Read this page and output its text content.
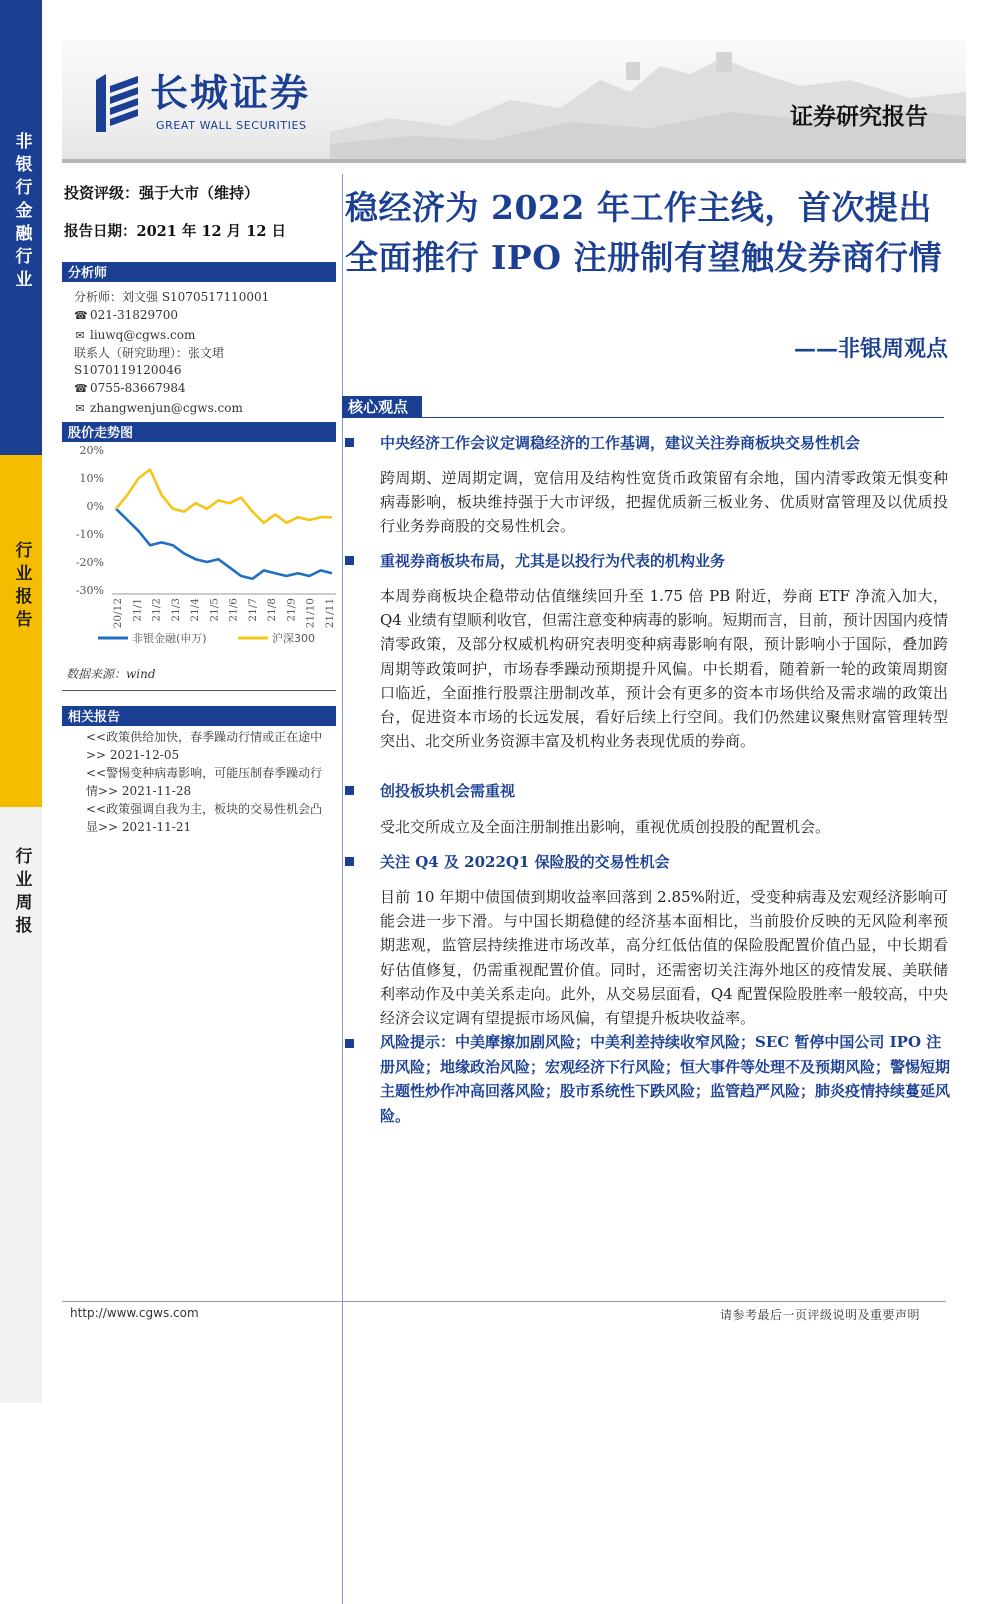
非银行金融行业
行业报告
行业周报
长城证券
GREAT WALL SECURITIES	证券研究报告
投资评级：强于大市（维持）
报告日期：2021 年 12 月 12 日
分析师
分析师：刘文强 S1070517110001
☎ 021-31829700
✉ liuwq@cgws.com
联系人（研究助理）：张文珺
S1070119120046
☎ 0755-83667984
✉ zhangwenjun@cgws.com
股价走势图
20%
10%
0%
-10%
-20%
-30%
20/12 21/1 21/2 21/3 21/4 21/5 21/6 21/7 21/8 21/9 21/10 21/11
非银金融(申万)	沪深300
数据来源：wind
相关报告
<<政策供给加快，春季躁动行情或正在途中>> 2021-12-05
<<警惕变种病毒影响，可能压制春季躁动行情>> 2021-11-28
<<政策强调自我为主，板块的交易性机会凸显>> 2021-11-21
稳经济为 2022 年工作主线，首次提出全面推行 IPO 注册制有望触发券商行情
——非银周观点
核心观点
中央经济工作会议定调稳经济的工作基调，建议关注券商板块交易性机会
跨周期、逆周期定调，宽信用及结构性宽货币政策留有余地，国内清零政策无惧变种病毒影响，板块维持强于大市评级，把握优质新三板业务、优质财富管理及以优质投行业务券商股的交易性机会。
重视券商板块布局，尤其是以投行为代表的机构业务
本周券商板块企稳带动估值继续回升至 1.75 倍 PB 附近，券商 ETF 净流入加大，Q4 业绩有望顺利收官，但需注意变种病毒的影响。短期而言，目前，预计因国内疫情清零政策，及部分权威机构研究表明变种病毒影响有限，预计影响小于国际，叠加跨周期等政策呵护，市场春季躁动预期提升风偏。中长期看，随着新一轮的政策周期窗口临近，全面推行股票注册制改革，预计会有更多的资本市场供给及需求端的政策出台，促进资本市场的长远发展，看好后续上行空间。我们仍然建议聚焦财富管理转型突出、北交所业务资源丰富及机构业务表现优质的券商。
创投板块机会需重视
受北交所成立及全面注册制推出影响，重视优质创投股的配置机会。
关注 Q4 及 2022Q1 保险股的交易性机会
目前 10 年期中债国债到期收益率回落到 2.85%附近，受变种病毒及宏观经济影响可能会进一步下滑。与中国长期稳健的经济基本面相比，当前股价反映的无风险利率预期悲观，监管层持续推进市场改革，高分红低估值的保险股配置价值凸显，中长期看好估值修复，仍需重视配置价值。同时，还需密切关注海外地区的疫情发展、美联储利率动作及中美关系走向。此外，从交易层面看，Q4 配置保险股胜率一般较高，中央经济会议定调有望提振市场风偏，有望提升板块收益率。
风险提示：中美摩擦加剧风险；中美利差持续收窄风险；SEC 暂停中国公司 IPO 注册风险；地缘政治风险；宏观经济下行风险；恒大事件等处理不及预期风险；警惕短期主题性炒作冲高回落风险；股市系统性下跌风险；监管趋严风险；肺炎疫情持续蔓延风险。
http://www.cgws.com	请参考最后一页评级说明及重要声明
